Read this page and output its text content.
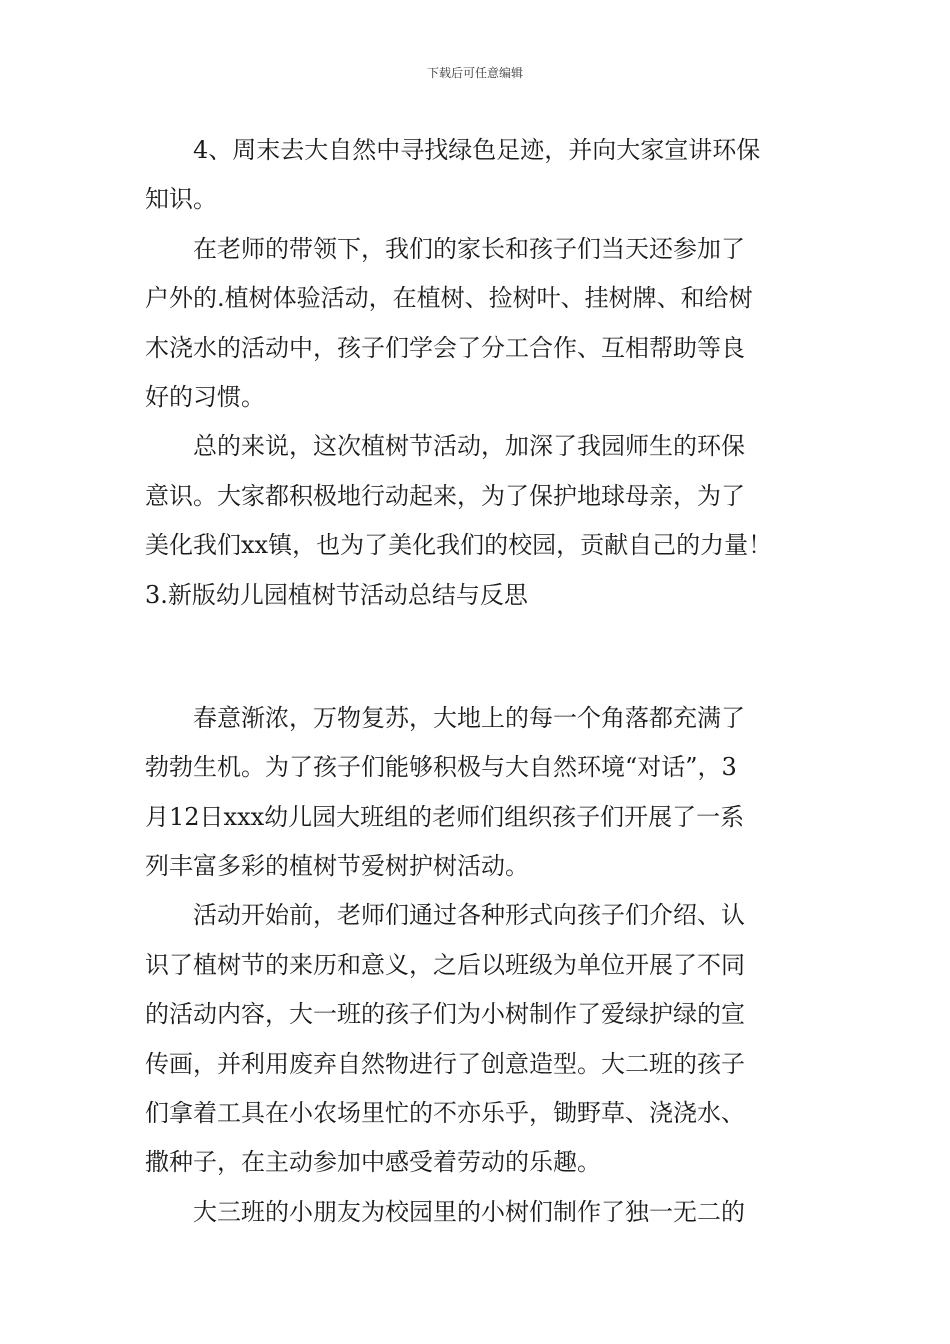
下载后可任意编辑
　　4、周末去大自然中寻找绿色足迹，并向大家宣讲环保
知识。
　　在老师的带领下，我们的家长和孩子们当天还参加了
户外的.植树体验活动，在植树、捡树叶、挂树牌、和给树
木浇水的活动中，孩子们学会了分工合作、互相帮助等良
好的习惯。
　　总的来说，这次植树节活动，加深了我园师生的环保
意识。大家都积极地行动起来，为了保护地球母亲，为了
美化我们xx镇，也为了美化我们的校园，贡献自己的力量！
3.新版幼儿园植树节活动总结与反思
　　春意渐浓，万物复苏，大地上的每一个角落都充满了
勃勃生机。为了孩子们能够积极与大自然环境“对话”，3
月12日xxx幼儿园大班组的老师们组织孩子们开展了一系
列丰富多彩的植树节爱树护树活动。
　　活动开始前，老师们通过各种形式向孩子们介绍、认
识了植树节的来历和意义，之后以班级为单位开展了不同
的活动内容，大一班的孩子们为小树制作了爱绿护绿的宣
传画，并利用废弃自然物进行了创意造型。大二班的孩子
们拿着工具在小农场里忙的不亦乐乎，锄野草、浇浇水、
撒种子，在主动参加中感受着劳动的乐趣。
　　大三班的小朋友为校园里的小树们制作了独一无二的
